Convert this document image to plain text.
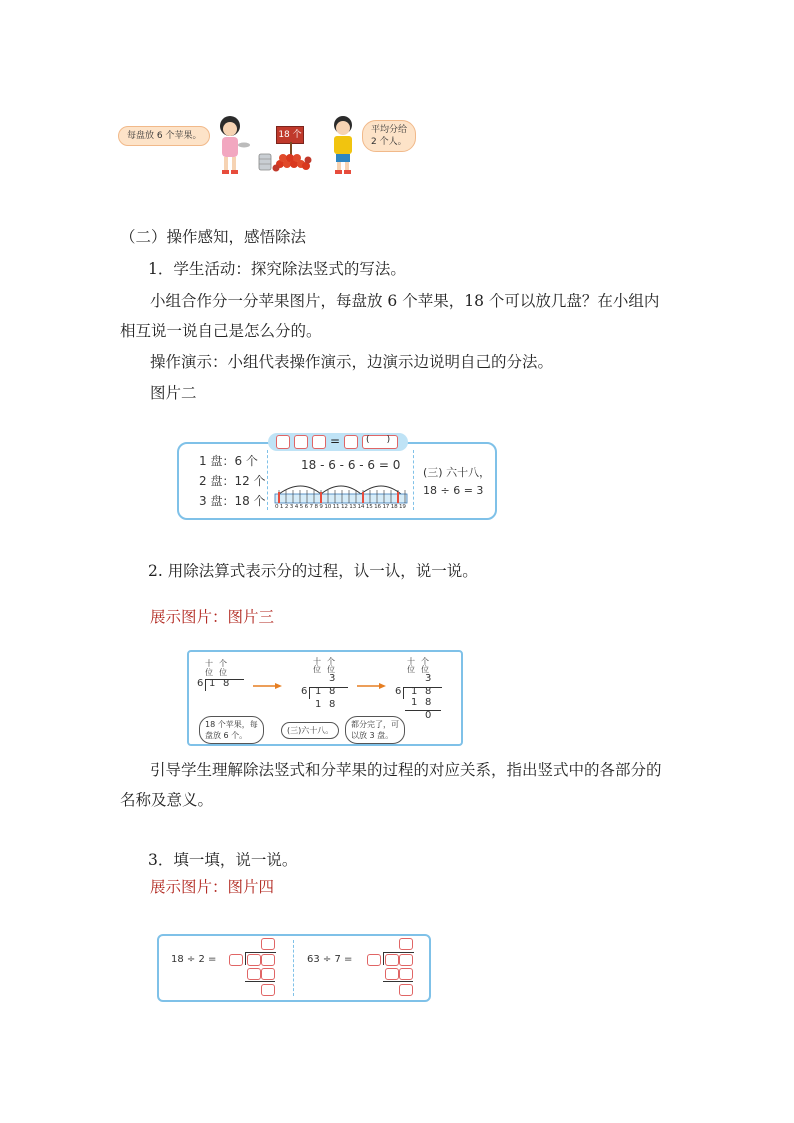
每盘放 6 个苹果。	18 个	平均分给
2 个人。
（二）操作感知，感悟除法
1．学生活动：探究除法竖式的写法。
小组合作分一分苹果图片，每盘放 6 个苹果，18 个可以放几盘？在小组内
相互说一说自己是怎么分的。
操作演示：小组代表操作演示，边演示边说明自己的分法。
图片二
1 盘：6 个
2 盘：12 个
3 盘：18 个
18 - 6 - 6 - 6 = 0
0 1 2 3 4 5 6 7 8 9 10 11 12 13 14 15 16 17 18 19
(三) 六十八，
18 ÷ 6 = 3
=	(      )
2. 用除法算式表示分的过程，认一认，说一说。
展示图片：图片三
十 个
位 位
6 1 8
十 个
位 位
3
6 1 8
1 8
十 个
位 位
3
6 1 8
1 8
0
18 个苹果，每
盘放 6 个。
(三)六十八。
都分完了，可
以放 3 盘。
引导学生理解除法竖式和分苹果的过程的对应关系，指出竖式中的各部分的
名称及意义。
3．填一填，说一说。
展示图片：图片四
18 ÷ 2 =	63 ÷ 7 =
